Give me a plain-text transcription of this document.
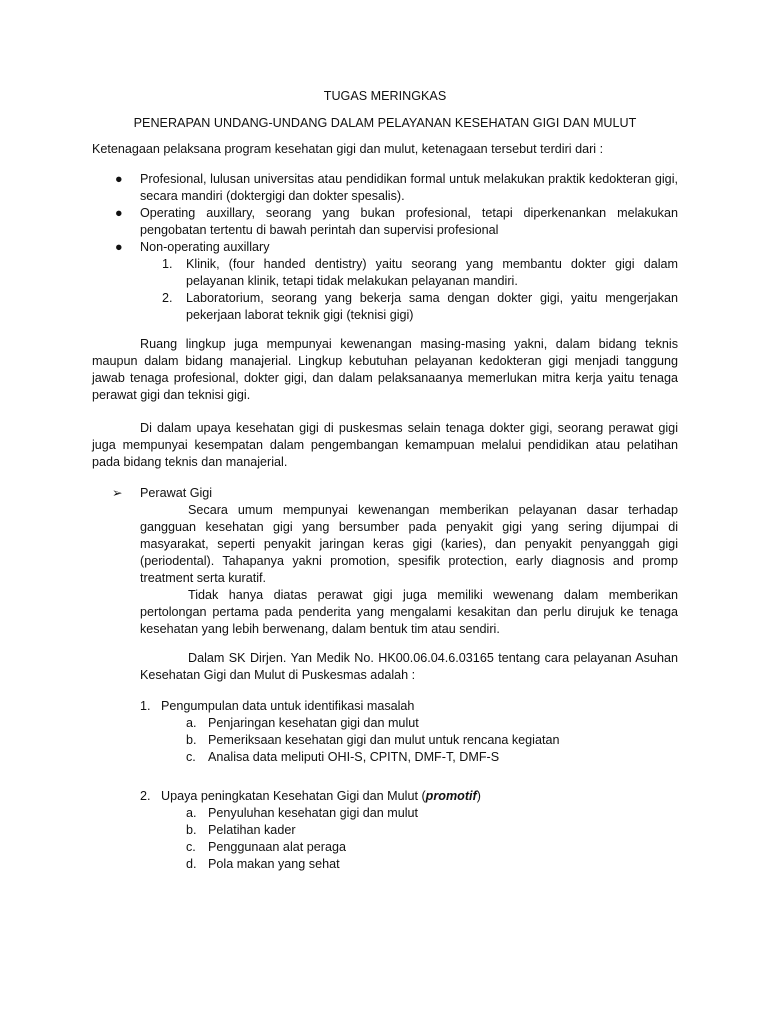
TUGAS MERINGKAS

PENERAPAN UNDANG-UNDANG DALAM PELAYANAN KESEHATAN GIGI DAN MULUT

Ketenagaan pelaksana program kesehatan gigi dan mulut, ketenagaan tersebut terdiri dari :

● Profesional, lulusan universitas atau pendidikan formal untuk melakukan praktik kedokteran gigi, secara mandiri (doktergigi dan dokter spesalis).
● Operating auxillary, seorang yang bukan profesional, tetapi diperkenankan melakukan pengobatan tertentu di bawah perintah dan supervisi profesional
● Non-operating auxillary
1. Klinik, (four handed dentistry) yaitu seorang yang membantu dokter gigi dalam pelayanan klinik, tetapi tidak melakukan pelayanan mandiri.
2. Laboratorium, seorang yang bekerja sama dengan dokter gigi, yaitu mengerjakan pekerjaan laborat teknik gigi (teknisi gigi)

Ruang lingkup juga mempunyai kewenangan masing-masing yakni, dalam bidang teknis maupun dalam bidang manajerial. Lingkup kebutuhan pelayanan kedokteran gigi menjadi tanggung jawab tenaga profesional, dokter gigi, dan dalam pelaksanaanya memerlukan mitra kerja yaitu tenaga perawat gigi dan teknisi gigi.

Di dalam upaya kesehatan gigi di puskesmas selain tenaga dokter gigi, seorang perawat gigi juga mempunyai kesempatan dalam pengembangan kemampuan melalui pendidikan atau pelatihan pada bidang teknis dan manajerial.

➢ Perawat Gigi

Secara umum mempunyai kewenangan memberikan pelayanan dasar terhadap gangguan kesehatan gigi yang bersumber pada penyakit gigi yang sering dijumpai di masyarakat, seperti penyakit jaringan keras gigi (karies), dan penyakit penyanggah gigi (periodental). Tahapanya yakni promotion, spesifik protection, early diagnosis and promp treatment serta kuratif.

Tidak hanya diatas perawat gigi juga memiliki wewenang dalam memberikan pertolongan pertama pada penderita yang mengalami kesakitan dan perlu dirujuk ke tenaga kesehatan yang lebih berwenang, dalam bentuk tim atau sendiri.

Dalam SK Dirjen. Yan Medik No. HK00.06.04.6.03165 tentang cara pelayanan Asuhan Kesehatan Gigi dan Mulut di Puskesmas adalah :

1. Pengumpulan data untuk identifikasi masalah
a. Penjaringan kesehatan gigi dan mulut
b. Pemeriksaan kesehatan gigi dan mulut untuk rencana kegiatan
c. Analisa data meliputi OHI-S, CPITN, DMF-T, DMF-S
2. Upaya peningkatan Kesehatan Gigi dan Mulut (promotif)
a. Penyuluhan kesehatan gigi dan mulut
b. Pelatihan kader
c. Penggunaan alat peraga
d. Pola makan yang sehat
